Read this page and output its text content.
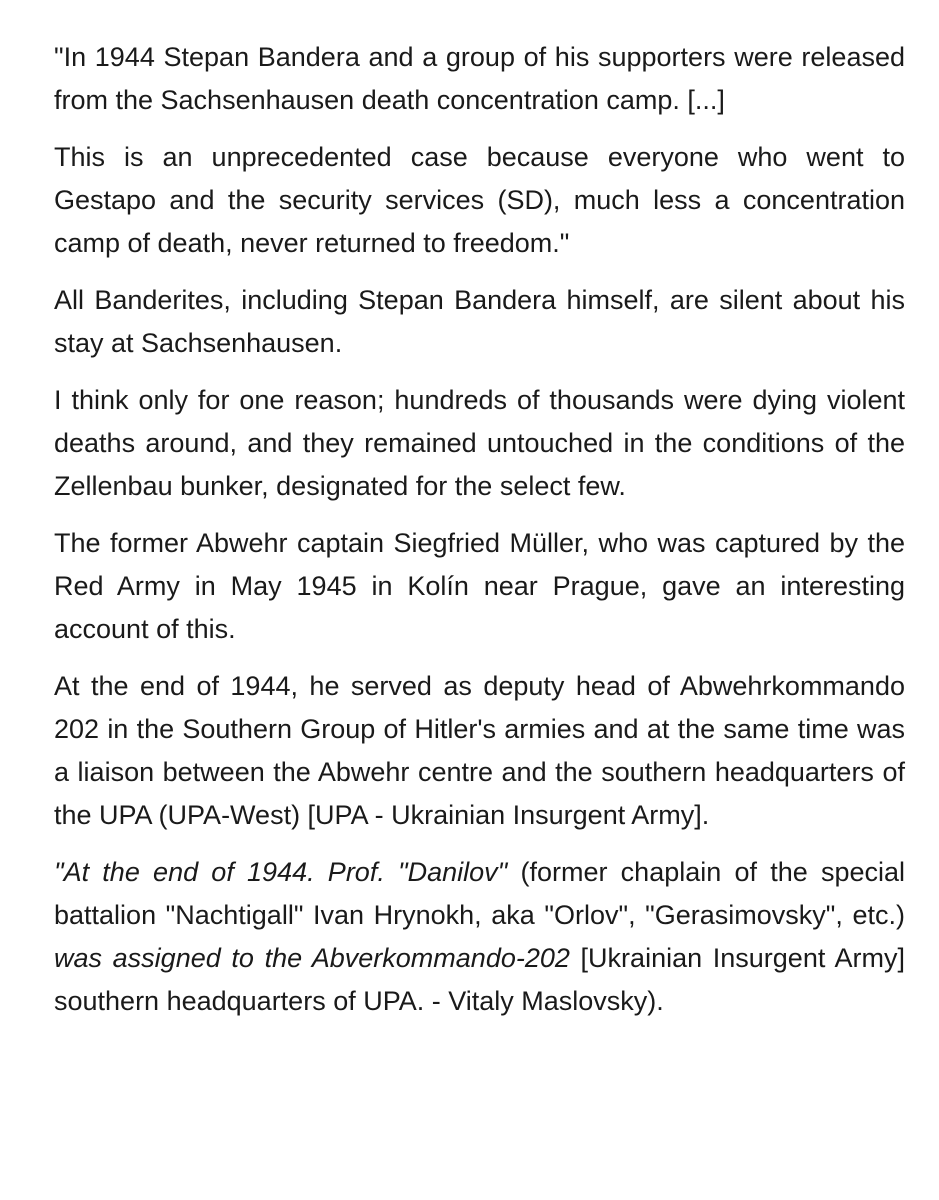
"In 1944 Stepan Bandera and a group of his supporters were released from the Sachsenhausen death concentration camp. [...]

This is an unprecedented case because everyone who went to Gestapo and the security services (SD), much less a concentration camp of death, never returned to freedom."

All Banderites, including Stepan Bandera himself, are silent about his stay at Sachsenhausen.

I think only for one reason; hundreds of thousands were dying violent deaths around, and they remained untouched in the conditions of the Zellenbau bunker, designated for the select few.

The former Abwehr captain Siegfried Müller, who was captured by the Red Army in May 1945 in Kolín near Prague, gave an interesting account of this.

At the end of 1944, he served as deputy head of Abwehrkommando 202 in the Southern Group of Hitler's armies and at the same time was a liaison between the Abwehr centre and the southern headquarters of the UPA (UPA-West) [UPA - Ukrainian Insurgent Army].

"At the end of 1944. Prof. "Danilov" (former chaplain of the special battalion "Nachtigall" Ivan Hrynokh, aka "Orlov", "Gerasimovsky", etc.) was assigned to the Abverkommando-202 [Ukrainian Insurgent Army] southern headquarters of UPA. - Vitaly Maslovsky).
